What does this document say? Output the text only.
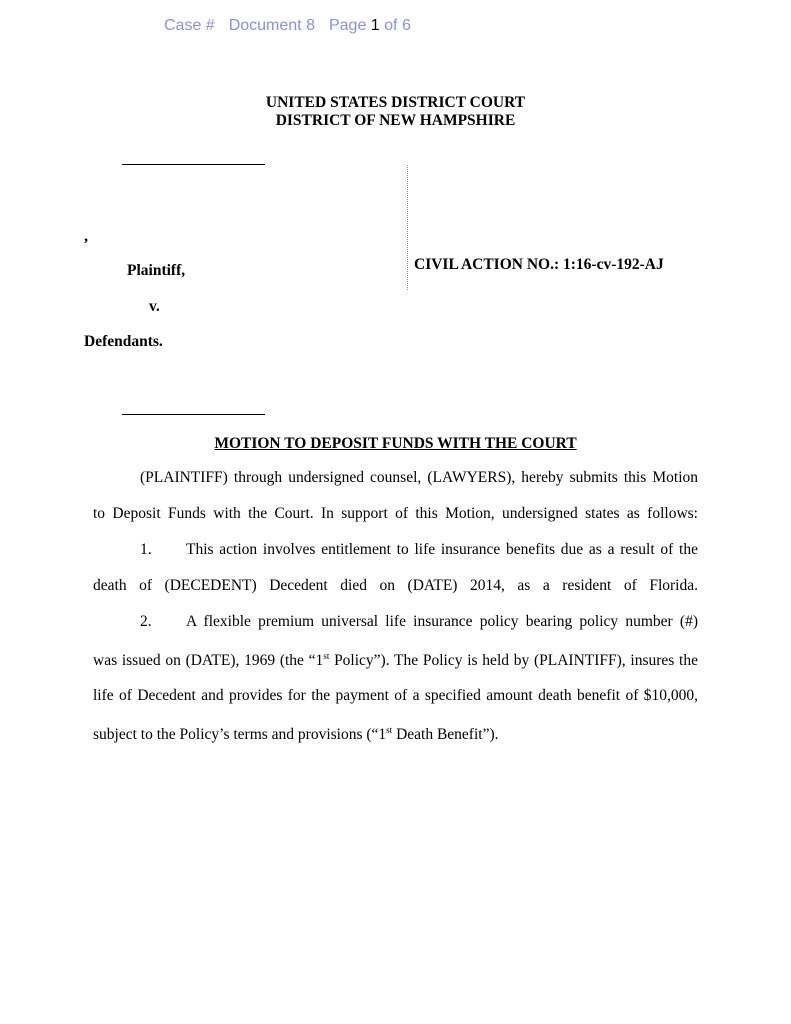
Case # Document 8 Page 1 of 6
UNITED STATES DISTRICT COURT
DISTRICT OF NEW HAMPSHIRE
,
Plaintiff,
v.
Defendants.
CIVIL ACTION NO.: 1:16-cv-192-AJ
MOTION TO DEPOSIT FUNDS WITH THE COURT
(PLAINTIFF) through undersigned counsel, (LAWYERS), hereby submits this Motion
to Deposit Funds with the Court. In support of this Motion, undersigned states as follows:
1. This action involves entitlement to life insurance benefits due as a result of the
death of (DECEDENT) Decedent died on (DATE) 2014, as a resident of Florida.
2. A flexible premium universal life insurance policy bearing policy number (#)
was issued on (DATE), 1969 (the “1st Policy”). The Policy is held by (PLAINTIFF), insures the
life of Decedent and provides for the payment of a specified amount death benefit of $10,000,
subject to the Policy’s terms and provisions (“1st Death Benefit”).
